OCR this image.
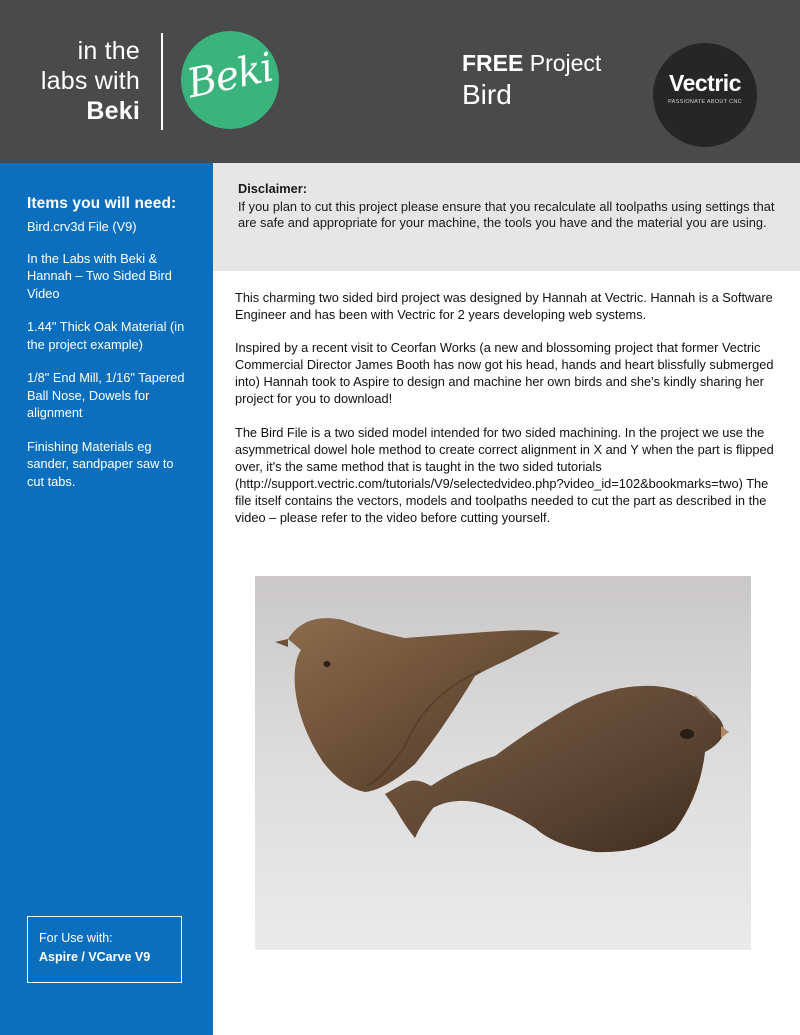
in the
labs with
Beki
Beki	FREE Project
Bird	Vectric
PASSIONATE ABOUT CNC
Items you will need:
Bird.crv3d File (V9)
In the Labs with Beki & Hannah – Two Sided Bird Video
1.44" Thick Oak Material (in the project example)
1/8" End Mill, 1/16" Tapered Ball Nose, Dowels for alignment
Finishing Materials eg sander, sandpaper saw to cut tabs.
For Use with:
Aspire / VCarve V9
Disclaimer:
If you plan to cut this project please ensure that you recalculate all toolpaths using settings that are safe and appropriate for your machine, the tools you have and the material you are using.

This charming two sided bird project was designed by Hannah at Vectric. Hannah is a Software Engineer and has been with Vectric for 2 years developing web systems.

Inspired by a recent visit to Ceorfan Works (a new and blossoming project that former Vectric Commercial Director James Booth has now got his head, hands and heart blissfully submerged into) Hannah took to Aspire to design and machine her own birds and she's kindly sharing her project for you to download!

The Bird File is a two sided model intended for two sided machining. In the project we use the asymmetrical dowel hole method to create correct alignment in X and Y when the part is flipped over, it's the same method that is taught in the two sided tutorials (http://support.vectric.com/tutorials/V9/selectedvideo.php?video_id=102&bookmarks=two) The file itself contains the vectors, models and toolpaths needed to cut the part as described in the video – please refer to the video before cutting yourself.
